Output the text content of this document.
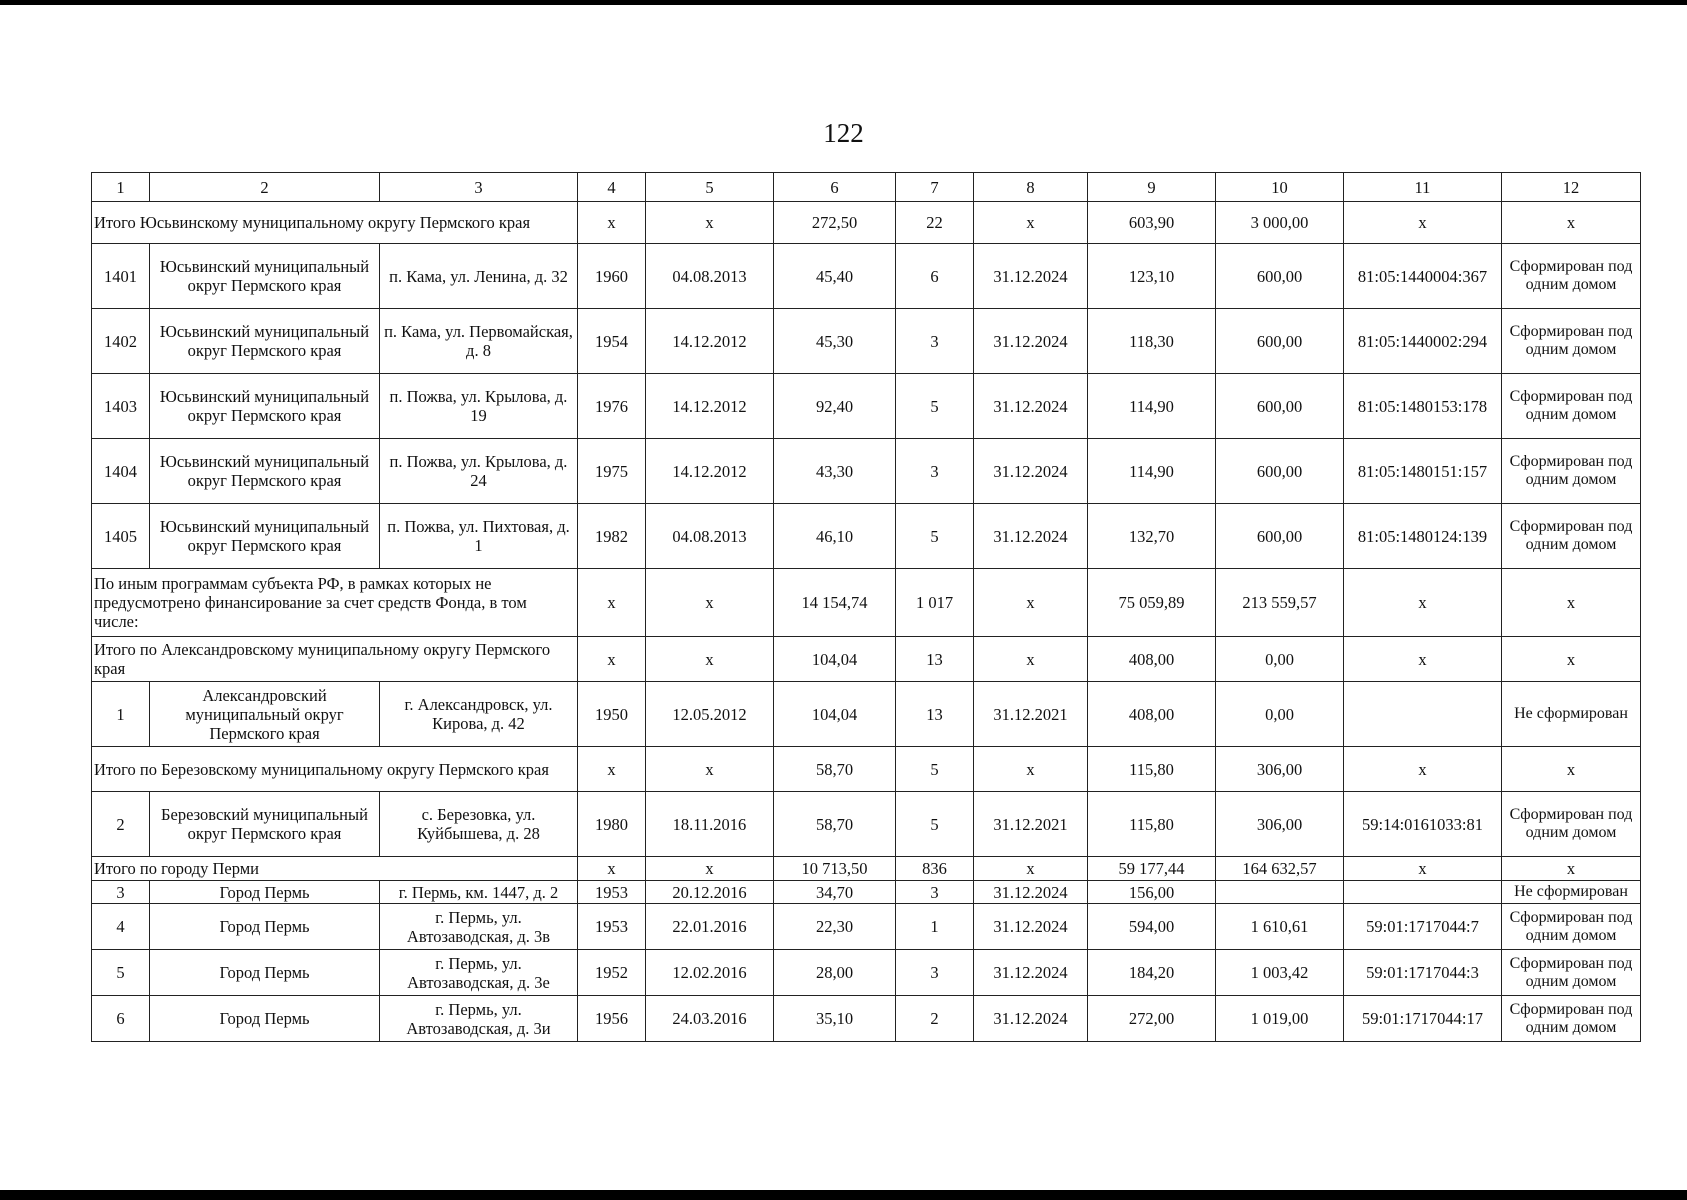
122
1	2	3	4	5	6	7	8	9	10	11	12
Итого Юсьвинскому муниципальному округу Пермского края			х	х	272,50	22	х	603,90	3 000,00	х	х
1401	Юсьвинский муниципальный округ Пермского края	п. Кама, ул. Ленина, д. 32	1960	04.08.2013	45,40	6	31.12.2024	123,10	600,00	81:05:1440004:367	Сформирован под одним домом
1402	Юсьвинский муниципальный округ Пермского края	п. Кама, ул. Первомайская, д. 8	1954	14.12.2012	45,30	3	31.12.2024	118,30	600,00	81:05:1440002:294	Сформирован под одним домом
1403	Юсьвинский муниципальный округ Пермского края	п. Пожва, ул. Крылова, д. 19	1976	14.12.2012	92,40	5	31.12.2024	114,90	600,00	81:05:1480153:178	Сформирован под одним домом
1404	Юсьвинский муниципальный округ Пермского края	п. Пожва, ул. Крылова, д. 24	1975	14.12.2012	43,30	3	31.12.2024	114,90	600,00	81:05:1480151:157	Сформирован под одним домом
1405	Юсьвинский муниципальный округ Пермского края	п. Пожва, ул. Пихтовая, д. 1	1982	04.08.2013	46,10	5	31.12.2024	132,70	600,00	81:05:1480124:139	Сформирован под одним домом
По иным программам субъекта РФ, в рамках которых не предусмотрено финансирование за счет средств Фонда, в том числе:			х	х	14 154,74	1 017	х	75 059,89	213 559,57	х	х
Итого по Александровскому муниципальному округу Пермского края			х	х	104,04	13	х	408,00	0,00	х	х
1	Александровский муниципальный округ Пермского края	г. Александровск, ул. Кирова, д. 42	1950	12.05.2012	104,04	13	31.12.2021	408,00	0,00		Не сформирован
Итого по Березовскому муниципальному округу Пермского края			х	х	58,70	5	х	115,80	306,00	х	х
2	Березовский муниципальный округ Пермского края	с. Березовка, ул. Куйбышева, д. 28	1980	18.11.2016	58,70	5	31.12.2021	115,80	306,00	59:14:0161033:81	Сформирован под одним домом
Итого по городу Перми			х	х	10 713,50	836	х	59 177,44	164 632,57	х	х
3	Город Пермь	г. Пермь, км. 1447, д. 2	1953	20.12.2016	34,70	3	31.12.2024	156,00			Не сформирован
4	Город Пермь	г. Пермь, ул. Автозаводская, д. 3в	1953	22.01.2016	22,30	1	31.12.2024	594,00	1 610,61	59:01:1717044:7	Сформирован под одним домом
5	Город Пермь	г. Пермь, ул. Автозаводская, д. 3е	1952	12.02.2016	28,00	3	31.12.2024	184,20	1 003,42	59:01:1717044:3	Сформирован под одним домом
6	Город Пермь	г. Пермь, ул. Автозаводская, д. 3и	1956	24.03.2016	35,10	2	31.12.2024	272,00	1 019,00	59:01:1717044:17	Сформирован под одним домом
